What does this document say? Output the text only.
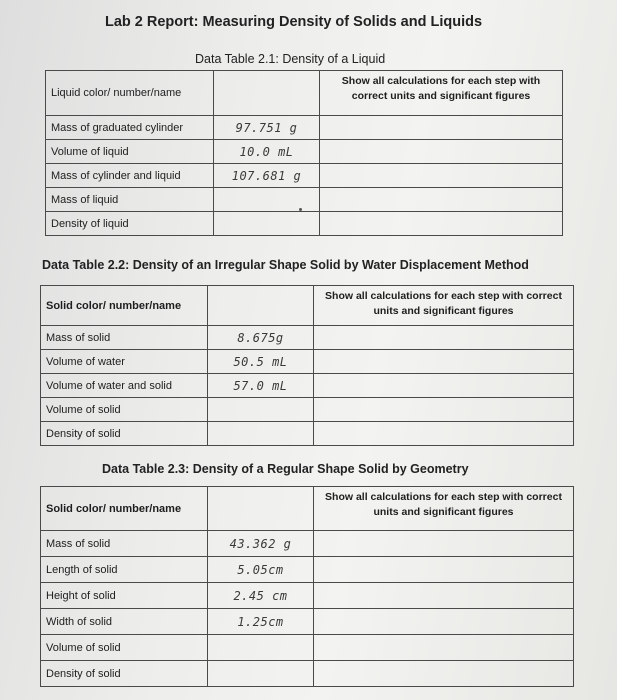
Lab 2 Report: Measuring Density of Solids and Liquids
Data Table 2.1: Density of a Liquid
Liquid color/ number/name		Show all calculations for each step with correct units and significant figures
Mass of graduated cylinder	97.751 g	
Volume of liquid	10.0 mL	
Mass of cylinder and liquid	107.681 g	
Mass of liquid		
Density of liquid		
Data Table 2.2: Density of an Irregular Shape Solid by Water Displacement Method
Solid color/ number/name		Show all calculations for each step with correct units and significant figures
Mass of solid	8.675g	
Volume of water	50.5 mL	
Volume of water and solid	57.0 mL	
Volume of solid		
Density of solid		
Data Table 2.3: Density of a Regular Shape Solid by Geometry
Solid color/ number/name		Show all calculations for each step with correct units and significant figures
Mass of solid	43.362 g	
Length of solid	5.05cm	
Height of solid	2.45 cm	
Width of solid	1.25cm	
Volume of solid		
Density of solid		
